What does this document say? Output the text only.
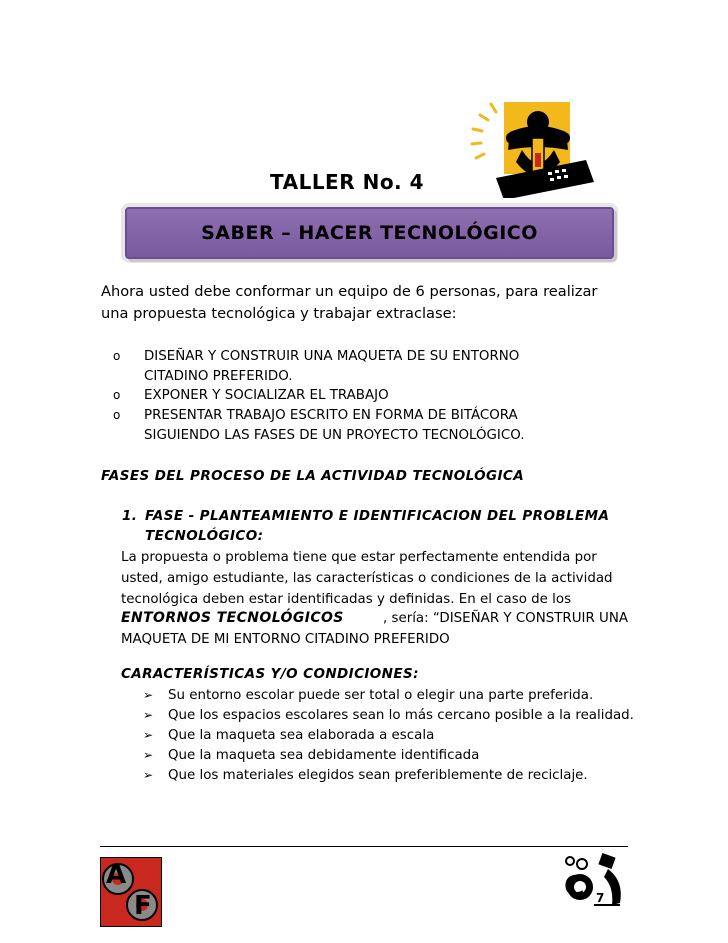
TALLER No. 4
SABER – HACER TECNOLÓGICO
Ahora usted debe conformar un equipo de 6 personas, para realizar
una propuesta tecnológica y trabajar extraclase:
o DISEÑAR Y CONSTRUIR UNA MAQUETA DE SU ENTORNO
CITADINO PREFERIDO.
o EXPONER Y SOCIALIZAR EL TRABAJO
o PRESENTAR TRABAJO ESCRITO EN FORMA DE BITÁCORA
SIGUIENDO LAS FASES DE UN PROYECTO TECNOLÓGICO.
FASES DEL PROCESO DE LA ACTIVIDAD TECNOLÓGICA
1. FASE - PLANTEAMIENTO E IDENTIFICACION DEL PROBLEMA
TECNOLÓGICO:
La propuesta o problema tiene que estar perfectamente entendida por
usted, amigo estudiante, las características o condiciones de la actividad
tecnológica deben estar identificadas y definidas. En el caso de los
ENTORNOS TECNOLÓGICOS	, sería: “DISEÑAR Y CONSTRUIR UNA
MAQUETA DE MI ENTORNO CITADINO PREFERIDO
CARACTERÍSTICAS Y/O CONDICIONES:
➢ Su entorno escolar puede ser total o elegir una parte preferida.
➢ Que los espacios escolares sean lo más cercano posible a la realidad.
➢ Que la maqueta sea elaborada a escala
➢ Que la maqueta sea debidamente identificada
➢ Que los materiales elegidos sean preferiblemente de reciclaje.
A
F
C 7
